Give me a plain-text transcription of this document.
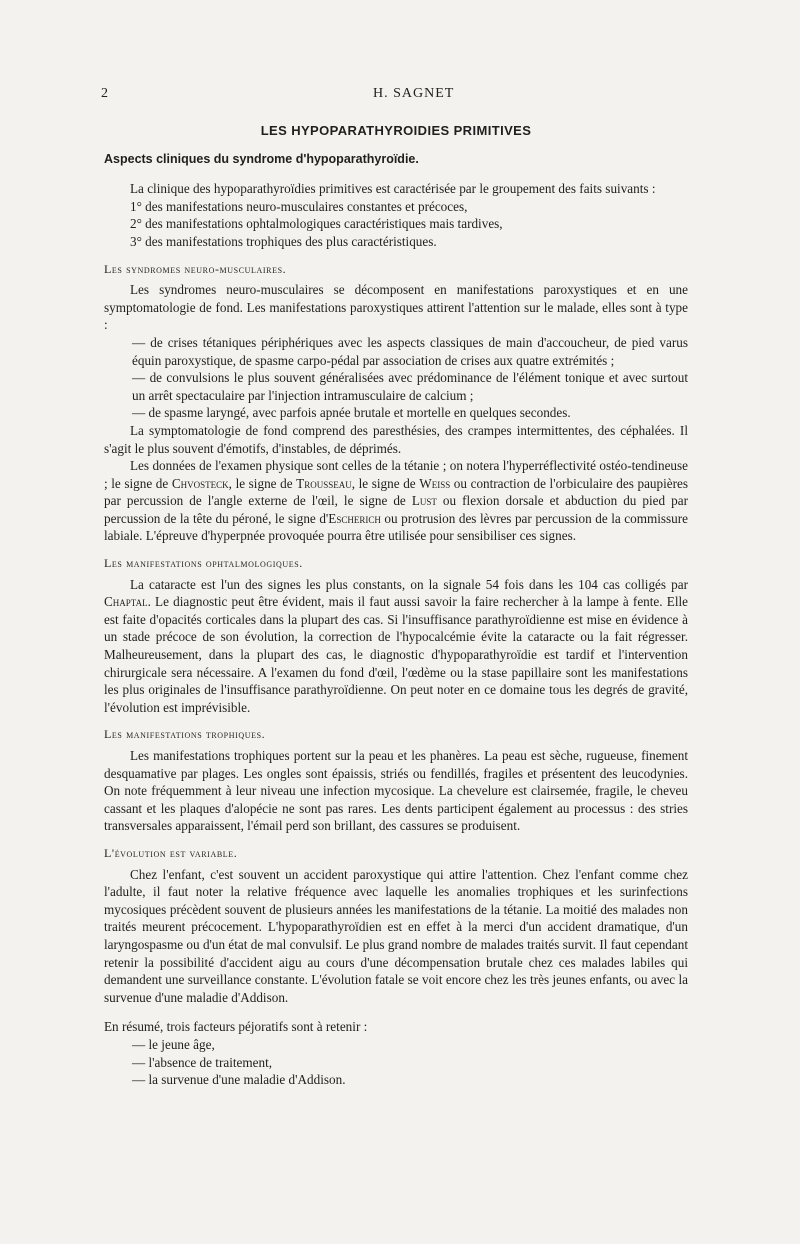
2	H. SAGNET
LES HYPOPARATHYROIDIES PRIMITIVES
Aspects cliniques du syndrome d'hypoparathyroïdie.

La clinique des hypoparathyroïdies primitives est caractérisée par le groupement des faits suivants :

1° des manifestations neuro-musculaires constantes et précoces,
2° des manifestations ophtalmologiques caractéristiques mais tardives,
3° des manifestations trophiques des plus caractéristiques.
Les syndromes neuro-musculaires.

Les syndromes neuro-musculaires se décomposent en manifestations paroxystiques et en une symptomatologie de fond. Les manifestations paroxystiques attirent l'attention sur le malade, elles sont à type :

— de crises tétaniques périphériques avec les aspects classiques de main d'accoucheur, de pied varus équin paroxystique, de spasme carpo-pédal par association de crises aux quatre extrémités ;
— de convulsions le plus souvent généralisées avec prédominance de l'élément tonique et avec surtout un arrêt spectaculaire par l'injection intramusculaire de calcium ;
— de spasme laryngé, avec parfois apnée brutale et mortelle en quelques secondes.

La symptomatologie de fond comprend des paresthésies, des crampes intermittentes, des céphalées. Il s'agit le plus souvent d'émotifs, d'instables, de déprimés.

Les données de l'examen physique sont celles de la tétanie ; on notera l'hyperréflectivité ostéo-tendineuse ; le signe de Chvosteck, le signe de Trousseau, le signe de Weiss ou contraction de l'orbiculaire des paupières par percussion de l'angle externe de l'œil, le signe de Lust ou flexion dorsale et abduction du pied par percussion de la tête du péroné, le signe d'Escherich ou protrusion des lèvres par percussion de la commissure labiale. L'épreuve d'hyperpnée provoquée pourra être utilisée pour sensibiliser ces signes.

Les manifestations ophtalmologiques.

La cataracte est l'un des signes les plus constants, on la signale 54 fois dans les 104 cas colligés par Chaptal. Le diagnostic peut être évident, mais il faut aussi savoir la faire rechercher à la lampe à fente. Elle est faite d'opacités corticales dans la plupart des cas. Si l'insuffisance parathyroïdienne est mise en évidence à un stade précoce de son évolution, la correction de l'hypocalcémie évite la cataracte ou la fait régresser. Malheureusement, dans la plupart des cas, le diagnostic d'hypoparathyroïdie est tardif et l'intervention chirurgicale sera nécessaire. A l'examen du fond d'œil, l'œdème ou la stase papillaire sont les manifestations les plus originales de l'insuffisance parathyroïdienne. On peut noter en ce domaine tous les degrés de gravité, l'évolution est imprévisible.

Les manifestations trophiques.

Les manifestations trophiques portent sur la peau et les phanères. La peau est sèche, rugueuse, finement desquamative par plages. Les ongles sont épaissis, striés ou fendillés, fragiles et présentent des leucodynies. On note fréquemment à leur niveau une infection mycosique. La chevelure est clairsemée, fragile, le cheveu cassant et les plaques d'alopécie ne sont pas rares. Les dents participent également au processus : des stries transversales apparaissent, l'émail perd son brillant, des cassures se produisent.

L'évolution est variable.

Chez l'enfant, c'est souvent un accident paroxystique qui attire l'attention. Chez l'enfant comme chez l'adulte, il faut noter la relative fréquence avec laquelle les anomalies trophiques et les surinfections mycosiques précèdent souvent de plusieurs années les manifestations de la tétanie. La moitié des malades non traités meurent précocement. L'hypoparathyroïdien est en effet à la merci d'un accident dramatique, d'un laryngospasme ou d'un état de mal convulsif. Le plus grand nombre de malades traités survit. Il faut cependant retenir la possibilité d'accident aigu au cours d'une décompensation brutale chez ces malades labiles qui demandent une surveillance constante. L'évolution fatale se voit encore chez les très jeunes enfants, ou avec la survenue d'une maladie d'Addison.

En résumé, trois facteurs péjoratifs sont à retenir :

— le jeune âge,
— l'absence de traitement,
— la survenue d'une maladie d'Addison.
